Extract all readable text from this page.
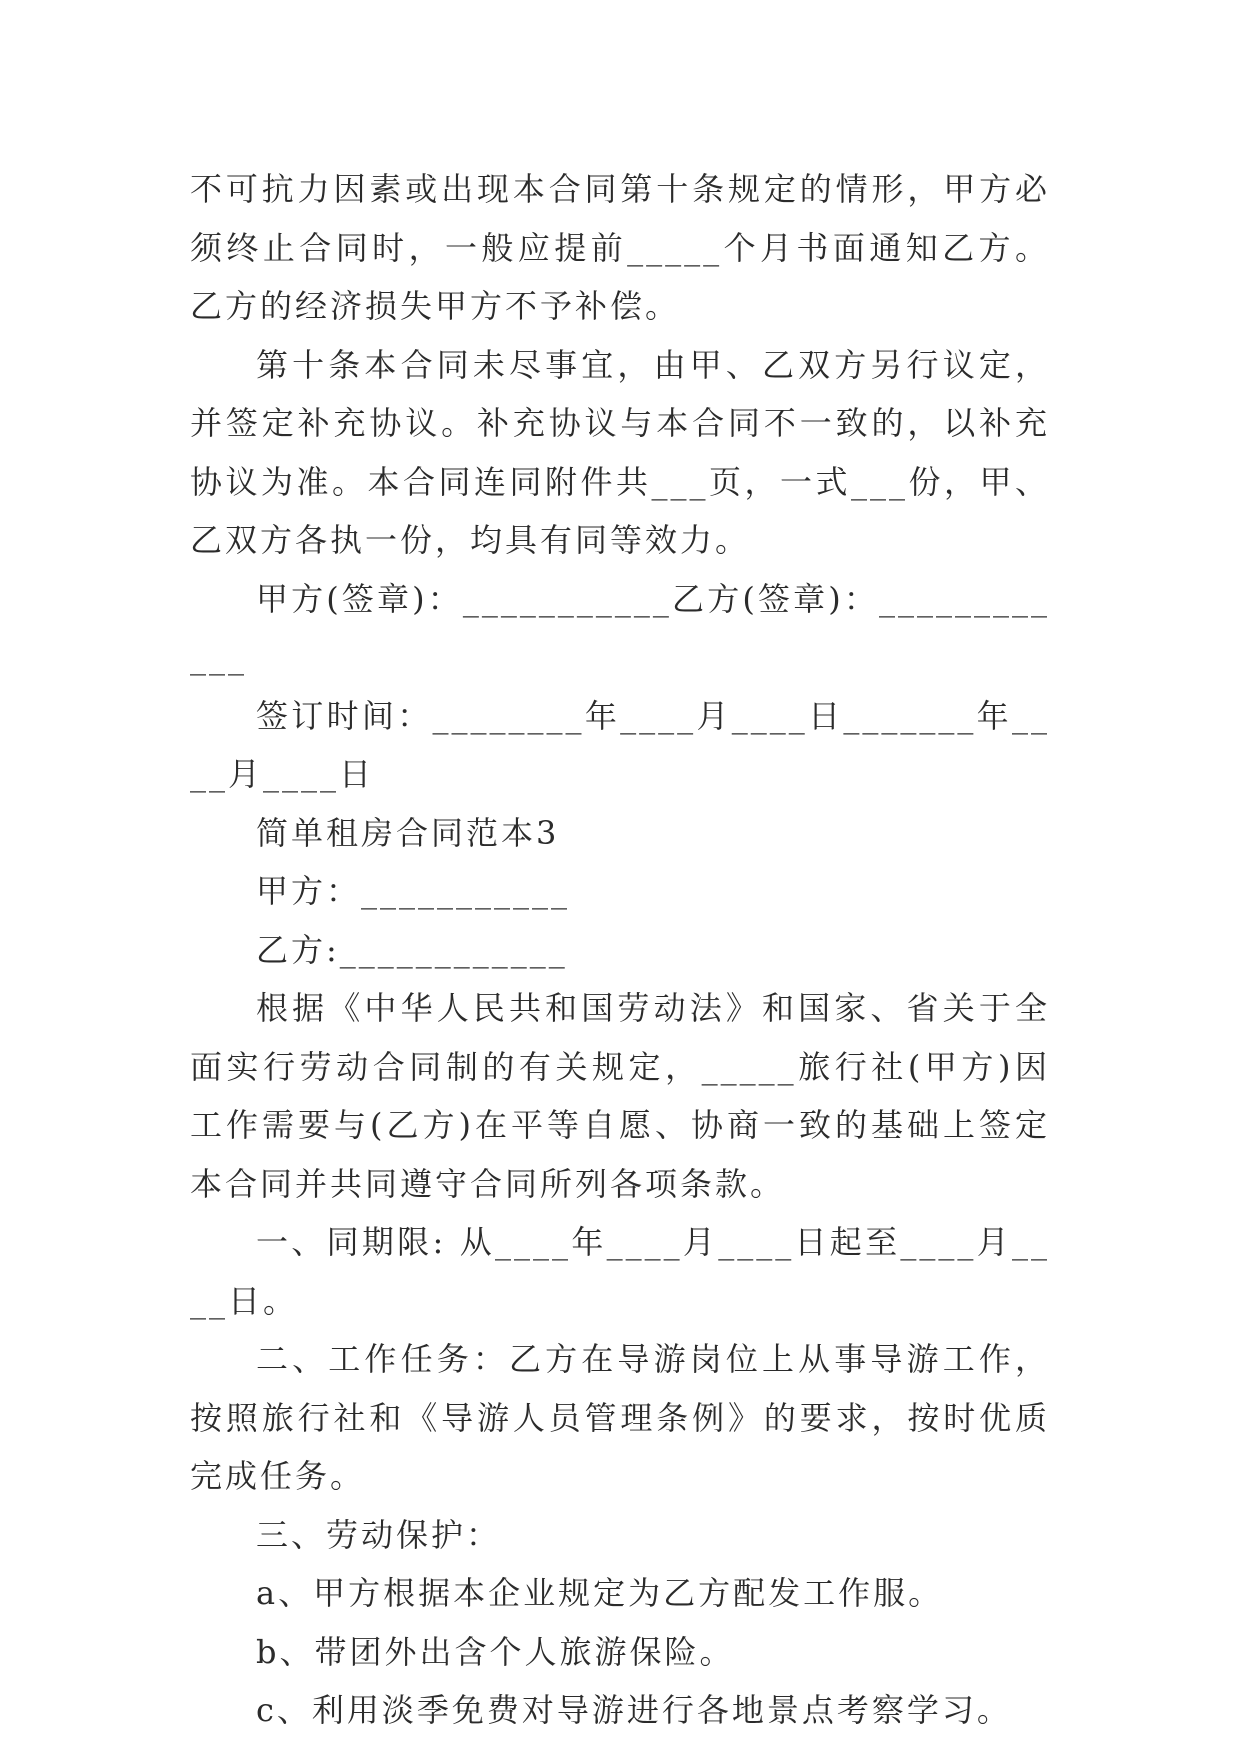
不可抗力因素或出现本合同第十条规定的情形，甲方必须终止合同时，一般应提前_____个月书面通知乙方。乙方的经济损失甲方不予补偿。

第十条本合同未尽事宜，由甲、乙双方另行议定，并签定补充协议。补充协议与本合同不一致的，以补充协议为准。本合同连同附件共___页，一式___份，甲、乙双方各执一份，均具有同等效力。

甲方(签章)：___________乙方(签章)：____________

签订时间：________年____月____日_______年____月____日

简单租房合同范本3

甲方：___________

乙方:____________

根据《中华人民共和国劳动法》和国家、省关于全面实行劳动合同制的有关规定，_____旅行社(甲方)因工作需要与(乙方)在平等自愿、协商一致的基础上签定本合同并共同遵守合同所列各项条款。

一、同期限: 从____年____月____日起至____月____日。

二、工作任务：乙方在导游岗位上从事导游工作，按照旅行社和《导游人员管理条例》的要求，按时优质完成任务。

三、劳动保护：

a、甲方根据本企业规定为乙方配发工作服。

b、带团外出含个人旅游保险。

c、利用淡季免费对导游进行各地景点考察学习。
